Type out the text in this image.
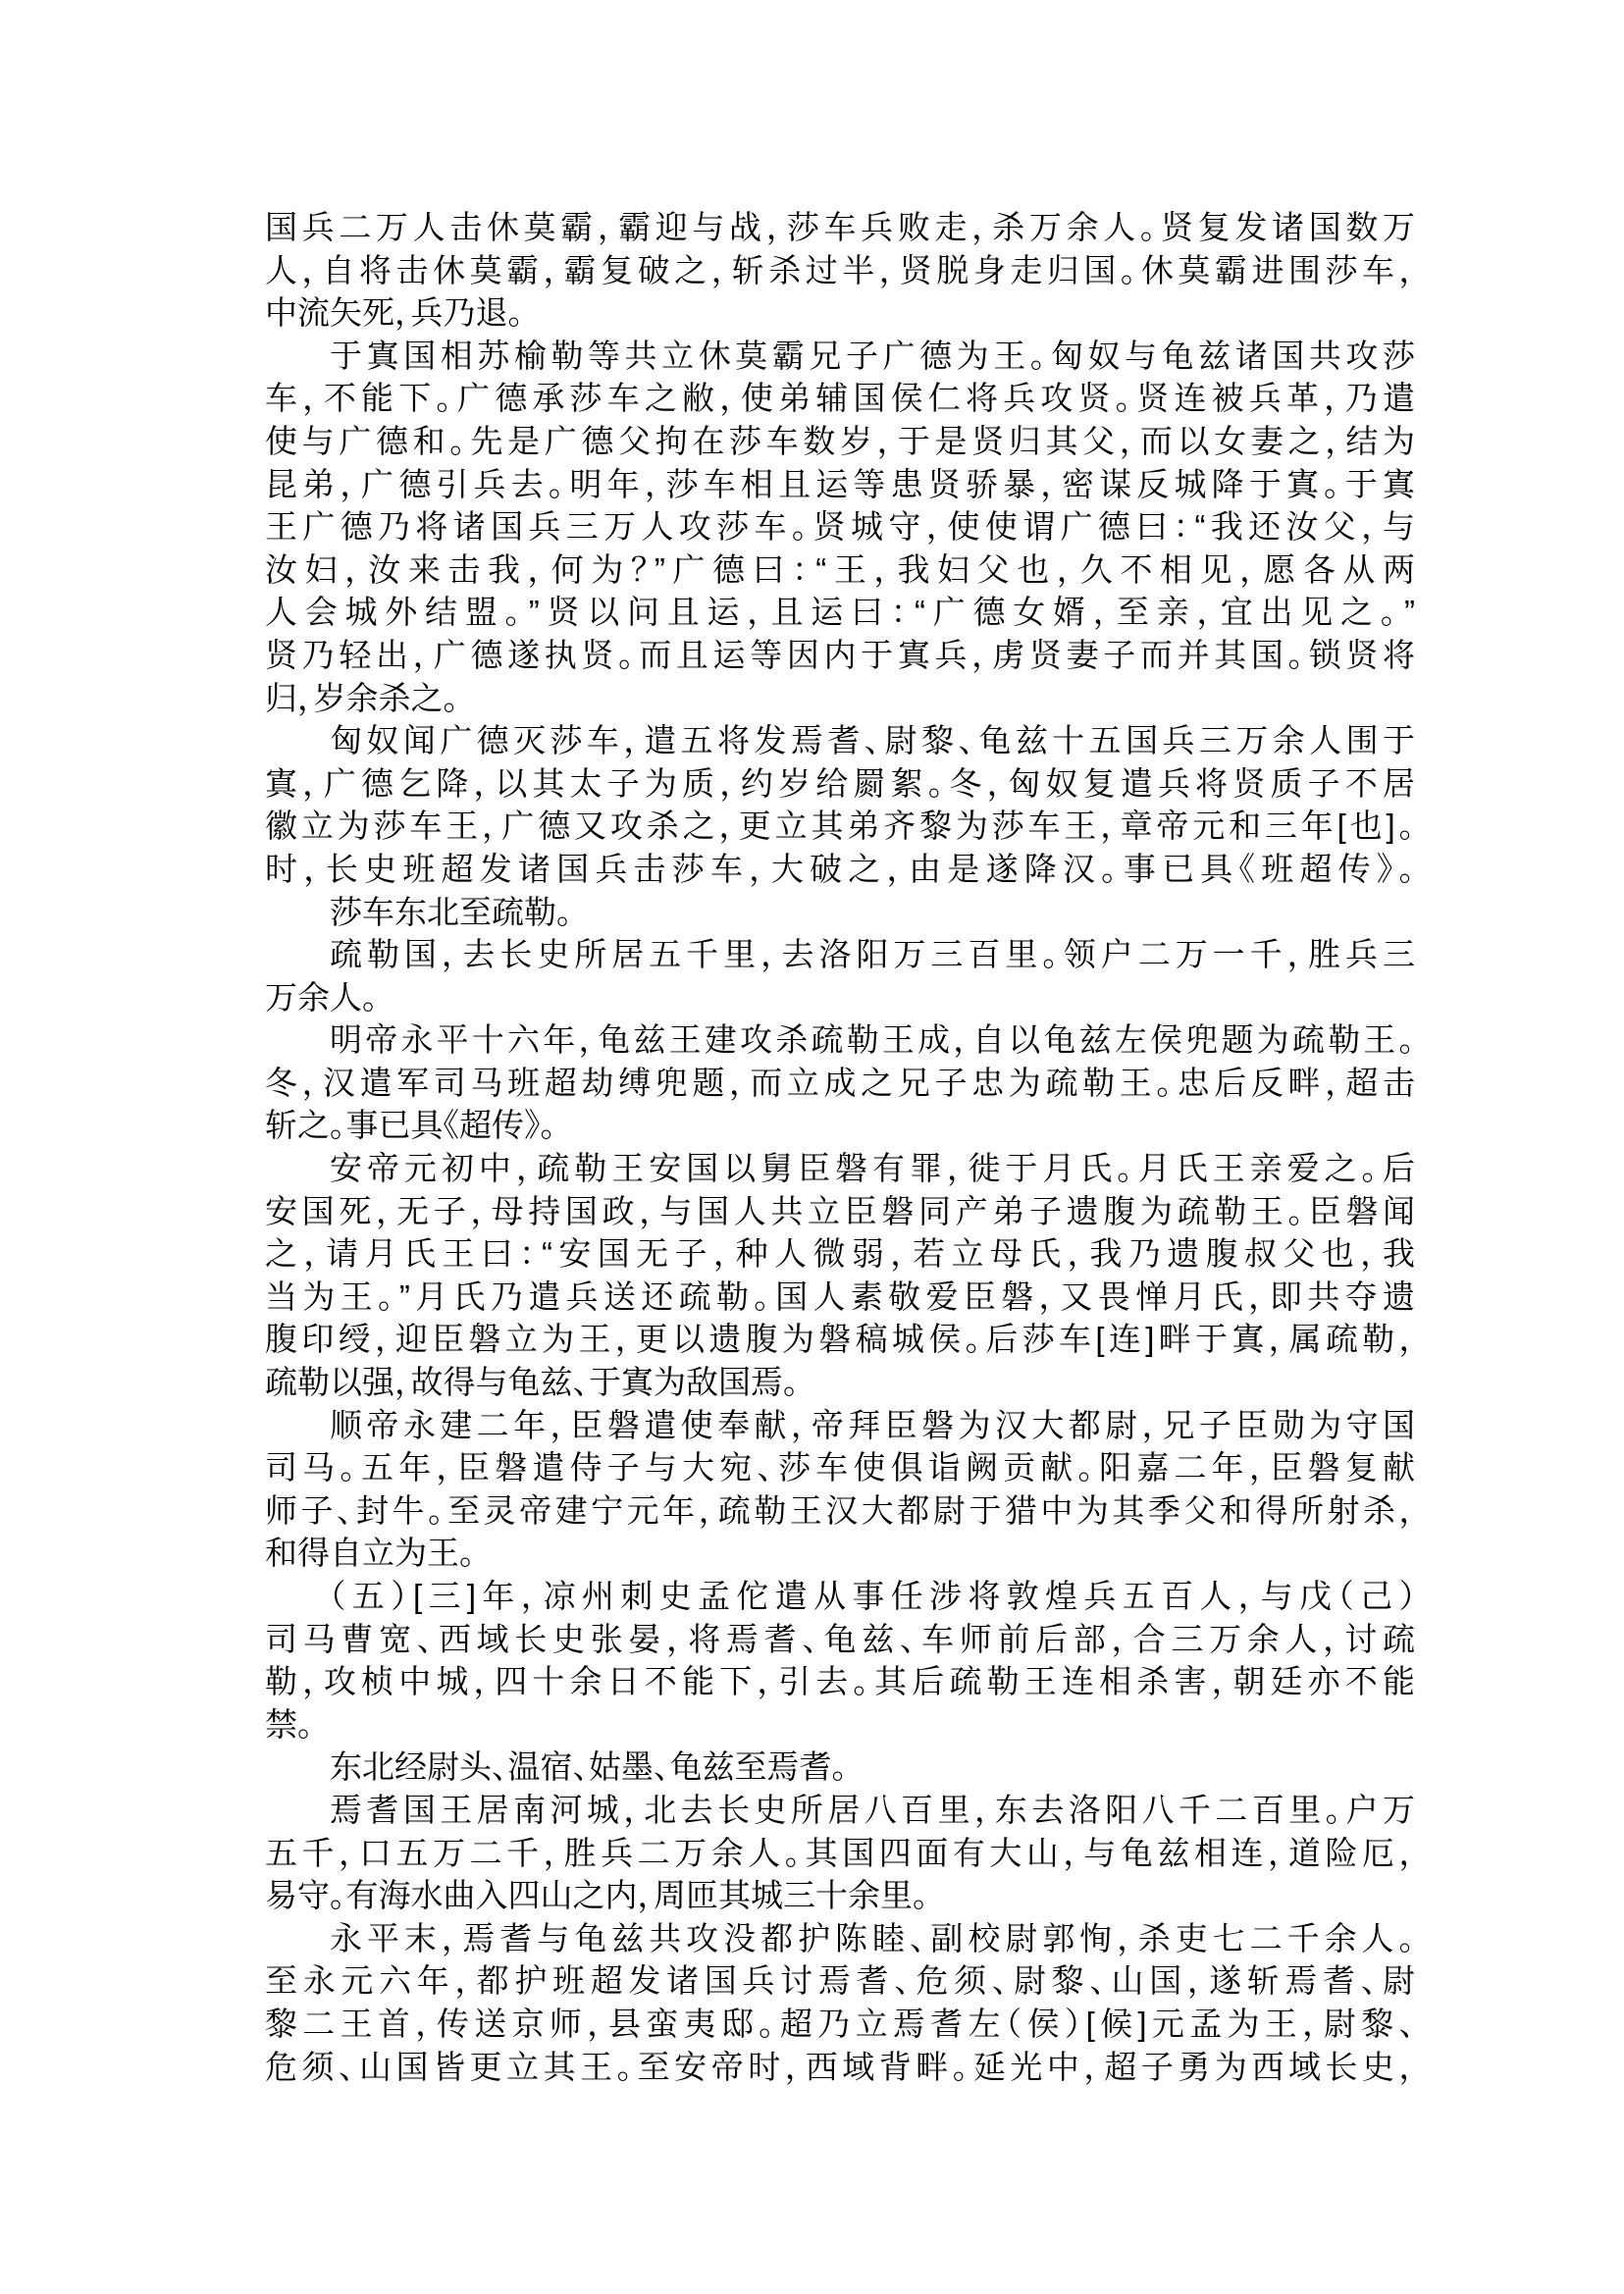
国兵二万人击休莫霸，霸迎与战，莎车兵败走，杀万余人。贤复发诸国数万
人，自将击休莫霸，霸复破之，斩杀过半，贤脱身走归国。休莫霸进围莎车，
中流矢死，兵乃退。
于寘国相苏榆勒等共立休莫霸兄子广德为王。匈奴与龟兹诸国共攻莎
车，不能下。广德承莎车之敝，使弟辅国侯仁将兵攻贤。贤连被兵革，乃遣
使与广德和。先是广德父拘在莎车数岁，于是贤归其父，而以女妻之，结为
昆弟，广德引兵去。明年，莎车相且运等患贤骄暴，密谋反城降于寘。于寘
王广德乃将诸国兵三万人攻莎车。贤城守，使使谓广德曰：“我还汝父，与
汝妇，汝来击我，何为？”广德曰：“王，我妇父也，久不相见，愿各从两
人会城外结盟。”贤以问且运，且运曰：“广德女婿，至亲，宜出见之。”
贤乃轻出，广德遂执贤。而且运等因内于寘兵，虏贤妻子而并其国。锁贤将
归，岁余杀之。
匈奴闻广德灭莎车，遣五将发焉耆、尉黎、龟兹十五国兵三万余人围于
寘，广德乞降，以其太子为质，约岁给罽絮。冬，匈奴复遣兵将贤质子不居
徽立为莎车王，广德又攻杀之，更立其弟齐黎为莎车王，章帝元和三年[也]。
时，长史班超发诸国兵击莎车，大破之，由是遂降汉。事已具《班超传》。
莎车东北至疏勒。
疏勒国，去长史所居五千里，去洛阳万三百里。领户二万一千，胜兵三
万余人。
明帝永平十六年，龟兹王建攻杀疏勒王成，自以龟兹左侯兜题为疏勒王。
冬，汉遣军司马班超劫缚兜题，而立成之兄子忠为疏勒王。忠后反畔，超击
斩之。事已具《超传》。
安帝元初中，疏勒王安国以舅臣磐有罪，徙于月氏。月氏王亲爱之。后
安国死，无子，母持国政，与国人共立臣磐同产弟子遗腹为疏勒王。臣磐闻
之，请月氏王曰：“安国无子，种人微弱，若立母氏，我乃遗腹叔父也，我
当为王。”月氏乃遣兵送还疏勒。国人素敬爱臣磐，又畏惮月氏，即共夺遗
腹印绶，迎臣磐立为王，更以遗腹为磐稿城侯。后莎车[连]畔于寘，属疏勒，
疏勒以强，故得与龟兹、于寘为敌国焉。
顺帝永建二年，臣磐遣使奉献，帝拜臣磐为汉大都尉，兄子臣勋为守国
司马。五年，臣磐遣侍子与大宛、莎车使俱诣阙贡献。阳嘉二年，臣磐复献
师子、封牛。至灵帝建宁元年，疏勒王汉大都尉于猎中为其季父和得所射杀，
和得自立为王。
（五）[三]年，凉州刺史孟佗遣从事任涉将敦煌兵五百人，与戊（己）
司马曹宽、西域长史张晏，将焉耆、龟兹、车师前后部，合三万余人，讨疏
勒，攻桢中城，四十余日不能下，引去。其后疏勒王连相杀害，朝廷亦不能
禁。
东北经尉头、温宿、姑墨、龟兹至焉耆。
焉耆国王居南河城，北去长史所居八百里，东去洛阳八千二百里。户万
五千，口五万二千，胜兵二万余人。其国四面有大山，与龟兹相连，道险厄，
易守。有海水曲入四山之内，周匝其城三十余里。
永平末，焉耆与龟兹共攻没都护陈睦、副校尉郭恂，杀吏七二千余人。
至永元六年，都护班超发诸国兵讨焉耆、危须、尉黎、山国，遂斩焉耆、尉
黎二王首，传送京师，县蛮夷邸。超乃立焉耆左（侯）[候]元孟为王，尉黎、
危须、山国皆更立其王。至安帝时，西域背畔。延光中，超子勇为西域长史，
